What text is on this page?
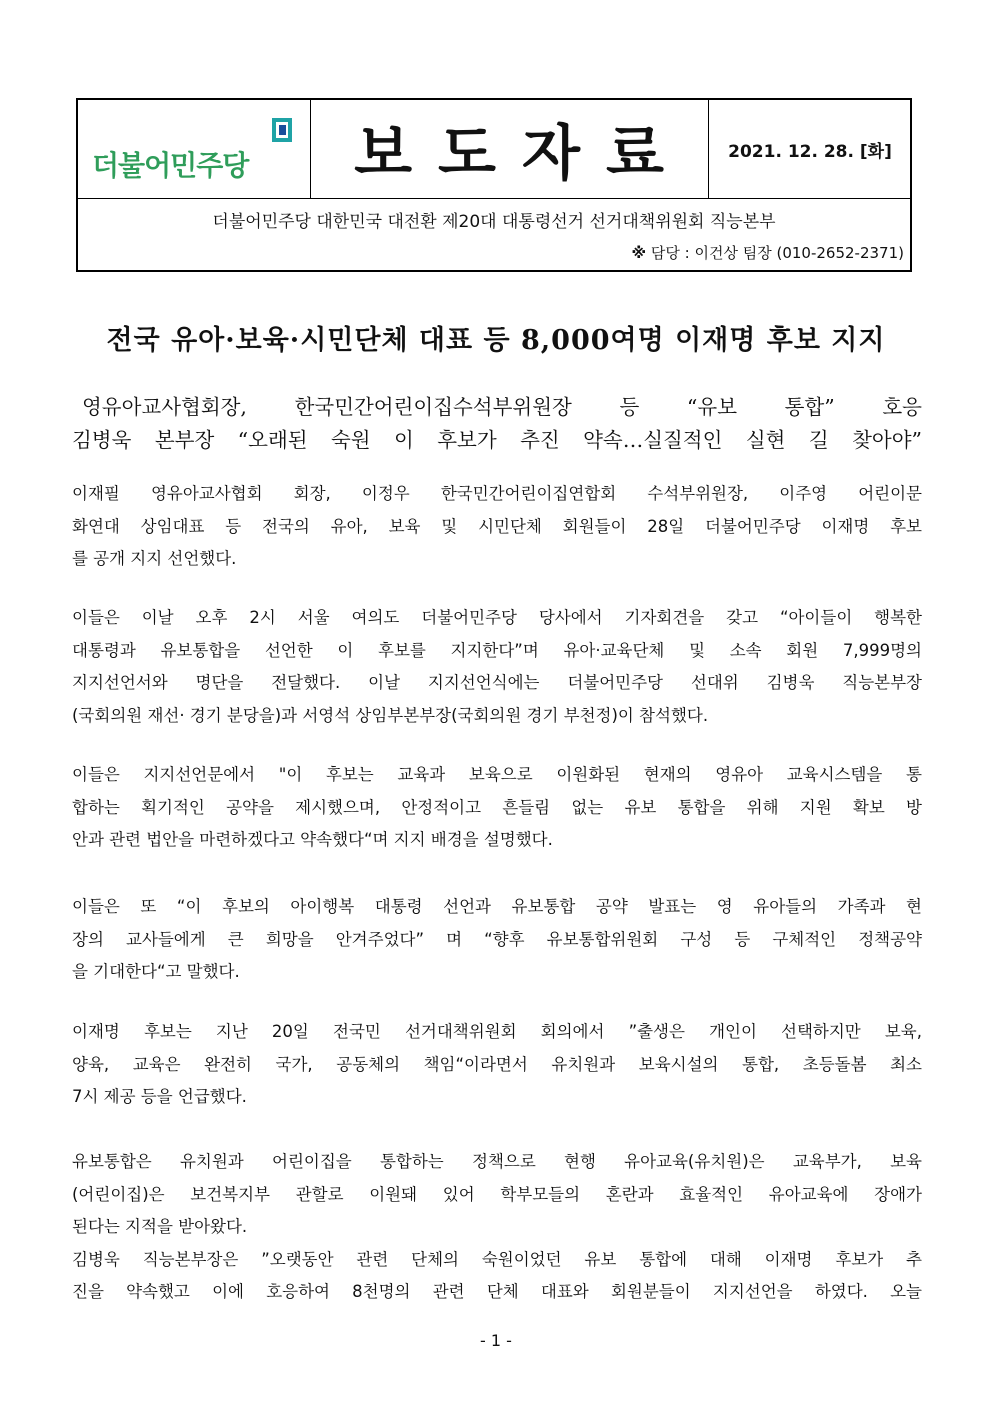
더불어민주당	보도자료 2021. 12. 28. [화]
더불어민주당 대한민국 대전환 제20대 대통령선거 선거대책위원회 직능본부
※ 담당 : 이건상 팀장 (010-2652-2371)
전국 유아·보육·시민단체 대표 등 8,000여명 이재명 후보 지지
영유아교사협회장, 한국민간어린이집수석부위원장 등 “유보 통합” 호응
김병욱 본부장 “오래된 숙원 이 후보가 추진 약속…실질적인 실현 길 찾아야”
이재필 영유아교사협회 회장, 이정우 한국민간어린이집연합회 수석부위원장, 이주영 어린이문
화연대 상임대표 등 전국의 유아, 보육 및 시민단체 회원들이 28일 더불어민주당 이재명 후보
를 공개 지지 선언했다.
이들은 이날 오후 2시 서울 여의도 더불어민주당 당사에서 기자회견을 갖고 “아이들이 행복한
대통령과 유보통합을 선언한 이 후보를 지지한다”며 유아·교육단체 및 소속 회원 7,999명의
지지선언서와 명단을 전달했다. 이날 지지선언식에는 더불어민주당 선대위 김병욱 직능본부장
(국회의원 재선· 경기 분당을)과 서영석 상임부본부장(국회의원 경기 부천정)이 참석했다.
이들은 지지선언문에서 "이 후보는 교육과 보육으로 이원화된 현재의 영유아 교육시스템을 통
합하는 획기적인 공약을 제시했으며, 안정적이고 흔들림 없는 유보 통합을 위해 지원 확보 방
안과 관련 법안을 마련하겠다고 약속했다“며 지지 배경을 설명했다.
이들은 또 “이 후보의 아이행복 대통령 선언과 유보통합 공약 발표는 영 유아들의 가족과 현
장의 교사들에게 큰 희망을 안겨주었다” 며 “향후 유보통합위원회 구성 등 구체적인 정책공약
을 기대한다“고 말했다.
이재명 후보는 지난 20일 전국민 선거대책위원회 회의에서 ”출생은 개인이 선택하지만 보육,
양육, 교육은 완전히 국가, 공동체의 책임“이라면서 유치원과 보육시설의 통합, 초등돌봄 최소
7시 제공 등을 언급했다.
유보통합은 유치원과 어린이집을 통합하는 정책으로 현행 유아교육(유치원)은 교육부가, 보육
(어린이집)은 보건복지부 관할로 이원돼 있어 학부모들의 혼란과 효율적인 유아교육에 장애가
된다는 지적을 받아왔다.
김병욱 직능본부장은 ”오랫동안 관련 단체의 숙원이었던 유보 통합에 대해 이재명 후보가 추
진을 약속했고 이에 호응하여 8천명의 관련 단체 대표와 회원분들이 지지선언을 하였다. 오늘
- 1 -
